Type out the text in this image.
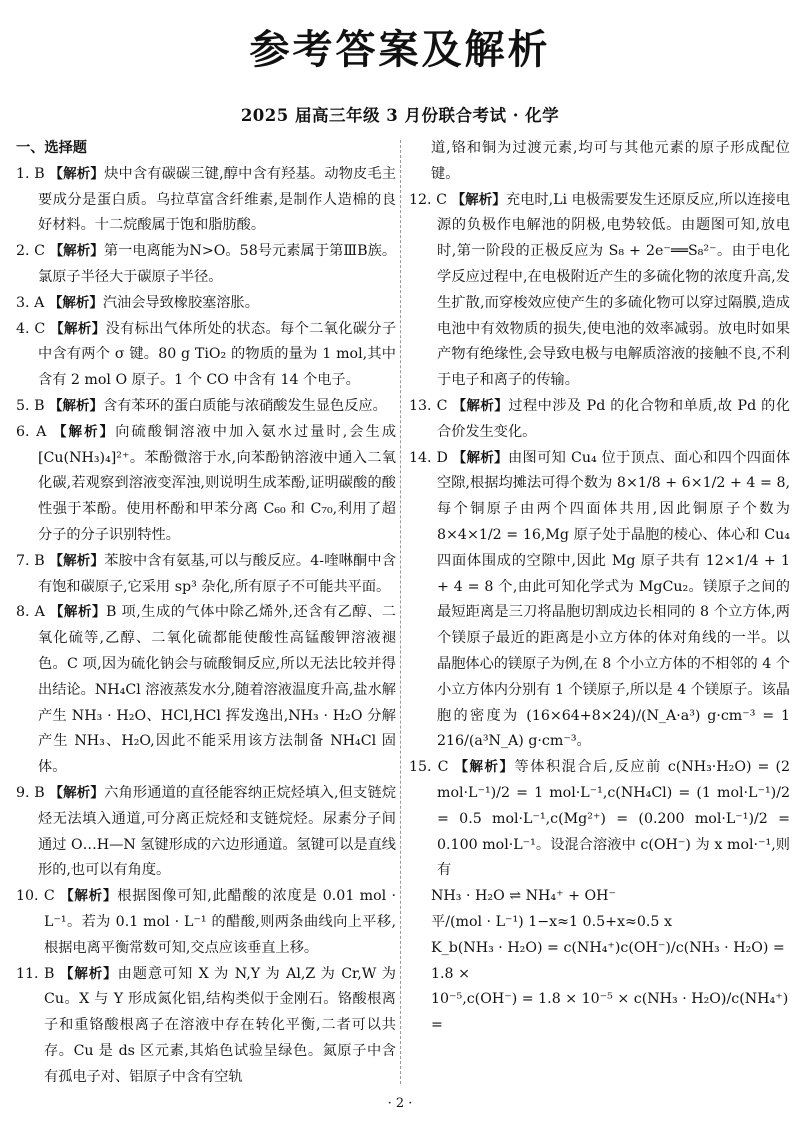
参考答案及解析
2025 届高三年级 3 月份联合考试 · 化学

一、选择题

1. B 【解析】炔中含有碳碳三键,醇中含有羟基。动物皮毛主要成分是蛋白质。乌拉草富含纤维素,是制作人造棉的良好材料。十二烷酸属于饱和脂肪酸。

2. C 【解析】第一电离能为N>O。58号元素属于第ⅢB族。氯原子半径大于碳原子半径。

3. A 【解析】汽油会导致橡胶塞溶胀。

4. C 【解析】没有标出气体所处的状态。每个二氧化碳分子中含有两个 σ 键。80 g TiO₂ 的物质的量为 1 mol,其中含有 2 mol O 原子。1 个 CO 中含有 14 个电子。

5. B 【解析】含有苯环的蛋白质能与浓硝酸发生显色反应。

6. A 【解析】向硫酸铜溶液中加入氨水过量时,会生成[Cu(NH₃)₄]²⁺。苯酚微溶于水,向苯酚钠溶液中通入二氧化碳,若观察到溶液变浑浊,则说明生成苯酚,证明碳酸的酸性强于苯酚。使用杯酚和甲苯分离 C₆₀ 和 C₇₀,利用了超分子的分子识别特性。

7. B 【解析】苯胺中含有氨基,可以与酸反应。4-喹啉酮中含有饱和碳原子,它采用 sp³ 杂化,所有原子不可能共平面。

8. A 【解析】B 项,生成的气体中除乙烯外,还含有乙醇、二氧化硫等,乙醇、二氧化硫都能使酸性高锰酸钾溶液褪色。C 项,因为硫化钠会与硫酸铜反应,所以无法比较并得出结论。NH₄Cl 溶液蒸发水分,随着溶液温度升高,盐水解产生 NH₃ · H₂O、HCl,HCl 挥发逸出,NH₃ · H₂O 分解产生 NH₃、H₂O,因此不能采用该方法制备 NH₄Cl 固体。

9. B 【解析】六角形通道的直径能容纳正烷烃填入,但支链烷烃无法填入通道,可分离正烷烃和支链烷烃。尿素分子间通过 O…H—N 氢键形成的六边形通道。氢键可以是直线形的,也可以有角度。

10. C 【解析】根据图像可知,此醋酸的浓度是 0.01 mol · L⁻¹。若为 0.1 mol · L⁻¹ 的醋酸,则两条曲线向上平移,根据电离平衡常数可知,交点应该垂直上移。

11. B 【解析】由题意可知 X 为 N,Y 为 Al,Z 为 Cr,W 为 Cu。X 与 Y 形成氮化铝,结构类似于金刚石。铬酸根离子和重铬酸根离子在溶液中存在转化平衡,二者可以共存。Cu 是 ds 区元素,其焰色试验呈绿色。氮原子中含有孤电子对、铝原子中含有空轨

道,铬和铜为过渡元素,均可与其他元素的原子形成配位键。

12. C 【解析】充电时,Li 电极需要发生还原反应,所以连接电源的负极作电解池的阴极,电势较低。由题图可知,放电时,第一阶段的正极反应为 S₈ + 2e⁻══S₈²⁻。由于电化学反应过程中,在电极附近产生的多硫化物的浓度升高,发生扩散,而穿梭效应使产生的多硫化物可以穿过隔膜,造成电池中有效物质的损失,使电池的效率减弱。放电时如果产物有绝缘性,会导致电极与电解质溶液的接触不良,不利于电子和离子的传输。

13. C 【解析】过程中涉及 Pd 的化合物和单质,故 Pd 的化合价发生变化。

14. D 【解析】由图可知 Cu₄ 位于顶点、面心和四个四面体空隙,根据均摊法可得个数为 8×1/8 + 6×1/2 + 4 = 8,每个铜原子由两个四面体共用,因此铜原子个数为 8×4×1/2 = 16,Mg 原子处于晶胞的棱心、体心和 Cu₄ 四面体围成的空隙中,因此 Mg 原子共有 12×1/4 + 1 + 4 = 8 个,由此可知化学式为 MgCu₂。镁原子之间的最短距离是三刀将晶胞切割成边长相同的 8 个立方体,两个镁原子最近的距离是小立方体的体对角线的一半。以晶胞体心的镁原子为例,在 8 个小立方体的不相邻的 4 个小立方体内分别有 1 个镁原子,所以是 4 个镁原子。该晶胞的密度为 (16×64+8×24)/(N_A·a³) g·cm⁻³ = 1 216/(a³N_A) g·cm⁻³。

15. C 【解析】等体积混合后,反应前 c(NH₃·H₂O) = (2 mol·L⁻¹)/2 = 1 mol·L⁻¹,c(NH₄Cl) = (1 mol·L⁻¹)/2 = 0.5 mol·L⁻¹,c(Mg²⁺) = (0.200 mol·L⁻¹)/2 = 0.100 mol·L⁻¹。设混合溶液中 c(OH⁻) 为 x mol·⁻¹,则有

NH₃ · H₂O ⇌ NH₄⁺ + OH⁻

平/(mol · L⁻¹) 1−x≈1 0.5+x≈0.5 x

K_b(NH₃ · H₂O) = c(NH₄⁺)c(OH⁻)/c(NH₃ · H₂O) = 1.8 ×

10⁻⁵,c(OH⁻) = 1.8 × 10⁻⁵ × c(NH₃ · H₂O)/c(NH₄⁺) =

· 2 ·
